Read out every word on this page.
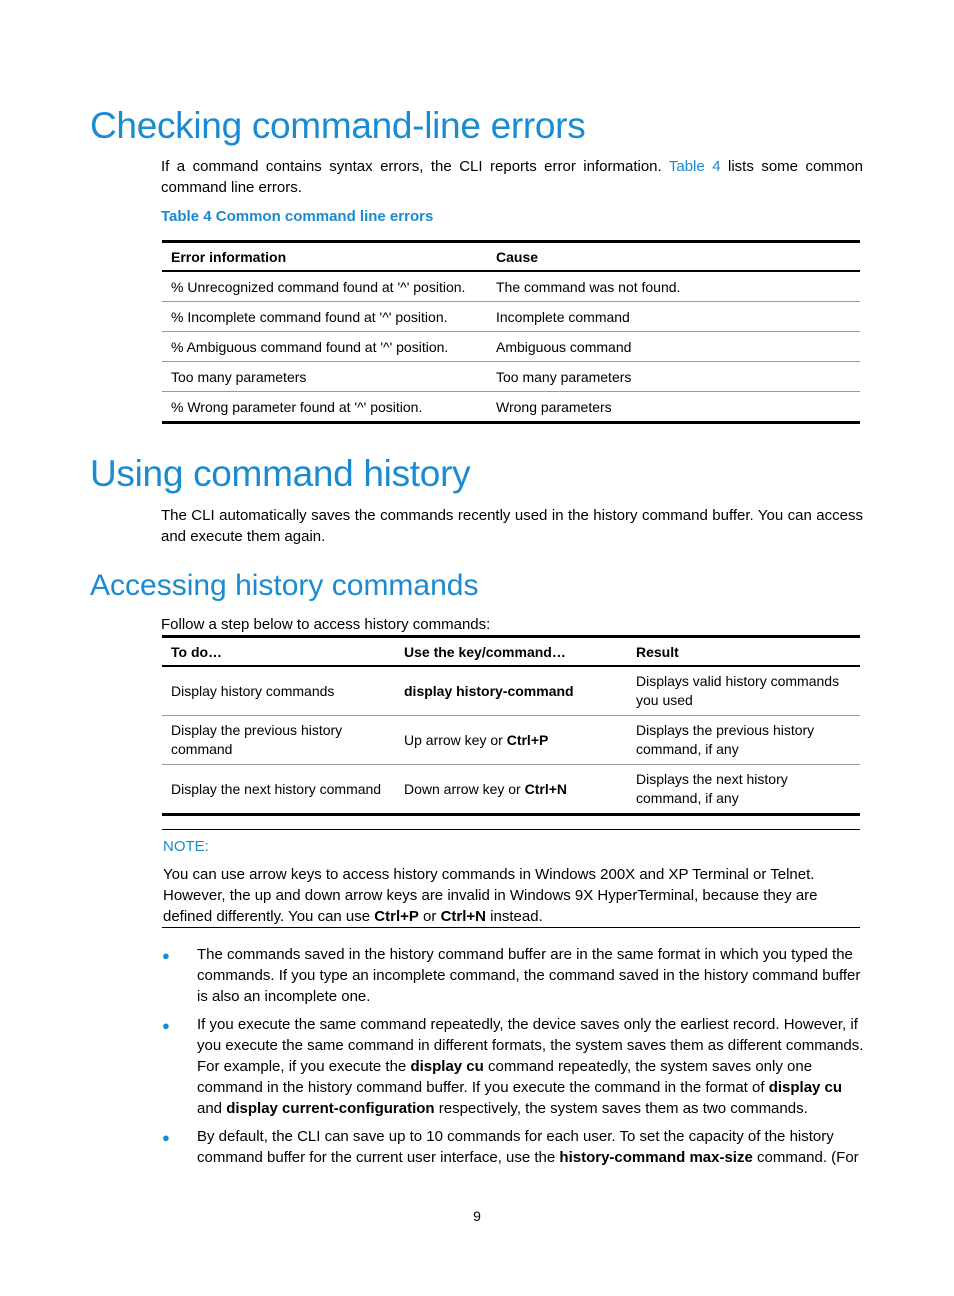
Checking command-line errors
If a command contains syntax errors, the CLI reports error information. Table 4 lists some common command line errors.
Table 4 Common command line errors
Error information	Cause
% Unrecognized command found at '^' position.	The command was not found.
% Incomplete command found at '^' position.	Incomplete command
% Ambiguous command found at '^' position.	Ambiguous command
Too many parameters	Too many parameters
% Wrong parameter found at '^' position.	Wrong parameters
Using command history
The CLI automatically saves the commands recently used in the history command buffer. You can access and execute them again.
Accessing history commands
Follow a step below to access history commands:
To do…	Use the key/command…	Result
Display history commands	display history-command	Displays valid history commands you used
Display the previous history command	Up arrow key or Ctrl+P	Displays the previous history command, if any
Display the next history command	Down arrow key or Ctrl+N	Displays the next history command, if any
NOTE:
You can use arrow keys to access history commands in Windows 200X and XP Terminal or Telnet. However, the up and down arrow keys are invalid in Windows 9X HyperTerminal, because they are defined differently. You can use Ctrl+P or Ctrl+N instead.
● The commands saved in the history command buffer are in the same format in which you typed the commands. If you type an incomplete command, the command saved in the history command buffer is also an incomplete one.
● If you execute the same command repeatedly, the device saves only the earliest record. However, if you execute the same command in different formats, the system saves them as different commands. For example, if you execute the display cu command repeatedly, the system saves only one command in the history command buffer. If you execute the command in the format of display cu and display current-configuration respectively, the system saves them as two commands.
● By default, the CLI can save up to 10 commands for each user. To set the capacity of the history command buffer for the current user interface, use the history-command max-size command. (For
9
